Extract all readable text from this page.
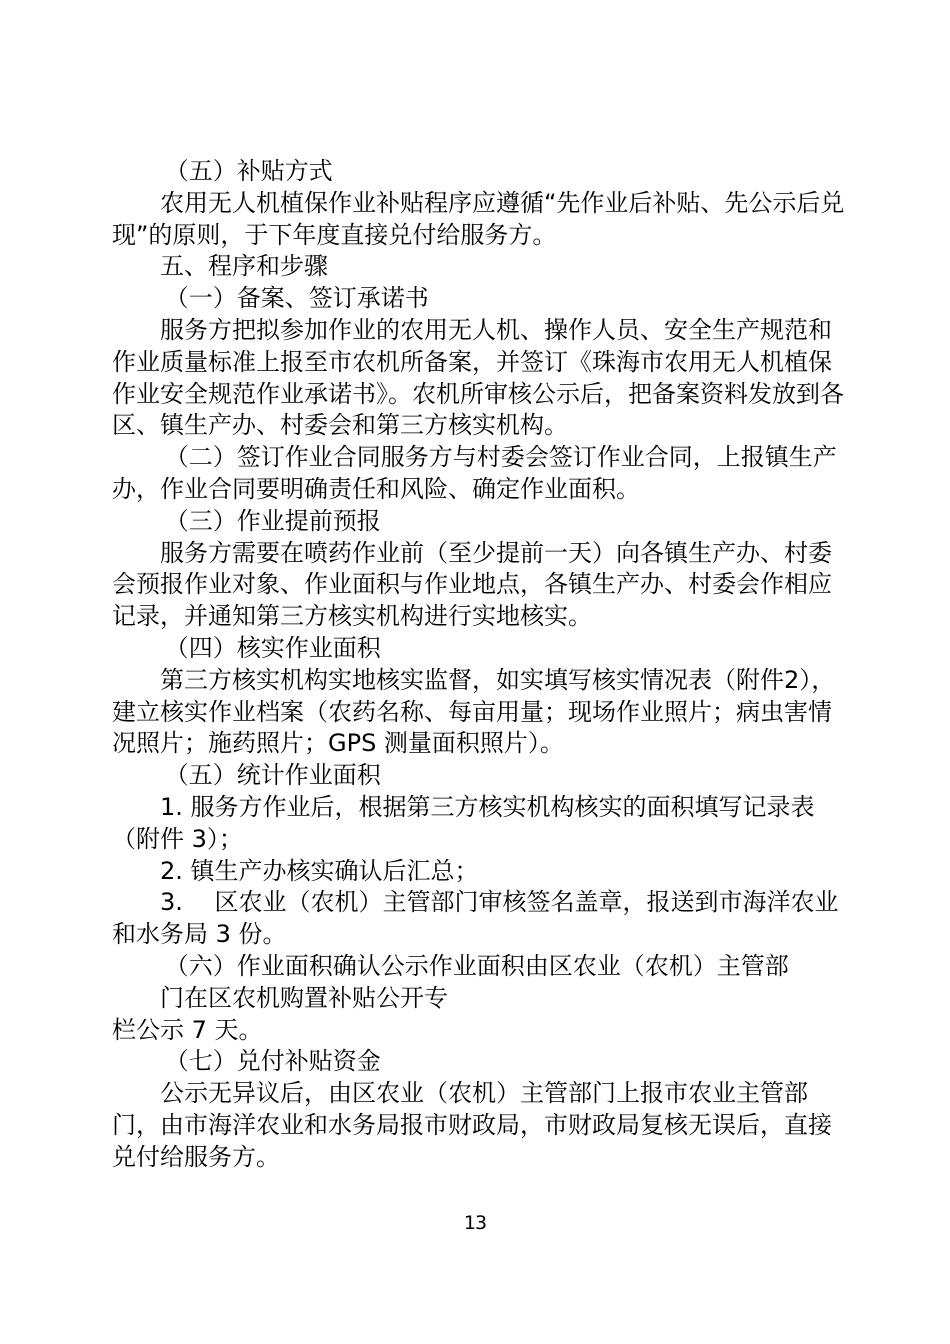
（五）补贴方式

农用无人机植保作业补贴程序应遵循“先作业后补贴、先公示后兑现”的原则，于下年度直接兑付给服务方。

五、程序和步骤

（一）备案、签订承诺书

服务方把拟参加作业的农用无人机、操作人员、安全生产规范和作业质量标准上报至市农机所备案，并签订《珠海市农用无人机植保作业安全规范作业承诺书》。农机所审核公示后，把备案资料发放到各区、镇生产办、村委会和第三方核实机构。

（二）签订作业合同服务方与村委会签订作业合同，上报镇生产办，作业合同要明确责任和风险、确定作业面积。

（三）作业提前预报

服务方需要在喷药作业前（至少提前一天）向各镇生产办、村委会预报作业对象、作业面积与作业地点，各镇生产办、村委会作相应记录，并通知第三方核实机构进行实地核实。

（四）核实作业面积

第三方核实机构实地核实监督，如实填写核实情况表（附件2），建立核实作业档案（农药名称、每亩用量；现场作业照片；病虫害情况照片；施药照片；GPS 测量面积照片）。

（五）统计作业面积

1. 服务方作业后，根据第三方核实机构核实的面积填写记录表（附件 3）；

2. 镇生产办核实确认后汇总；

3.　 区农业（农机）主管部门审核签名盖章，报送到市海洋农业和水务局 3 份。

（六）作业面积确认公示作业面积由区农业（农机）主管部

门在区农机购置补贴公开专

栏公示 7 天。

（七）兑付补贴资金

公示无异议后，由区农业（农机）主管部门上报市农业主管部门，由市海洋农业和水务局报市财政局，市财政局复核无误后，直接兑付给服务方。

13
